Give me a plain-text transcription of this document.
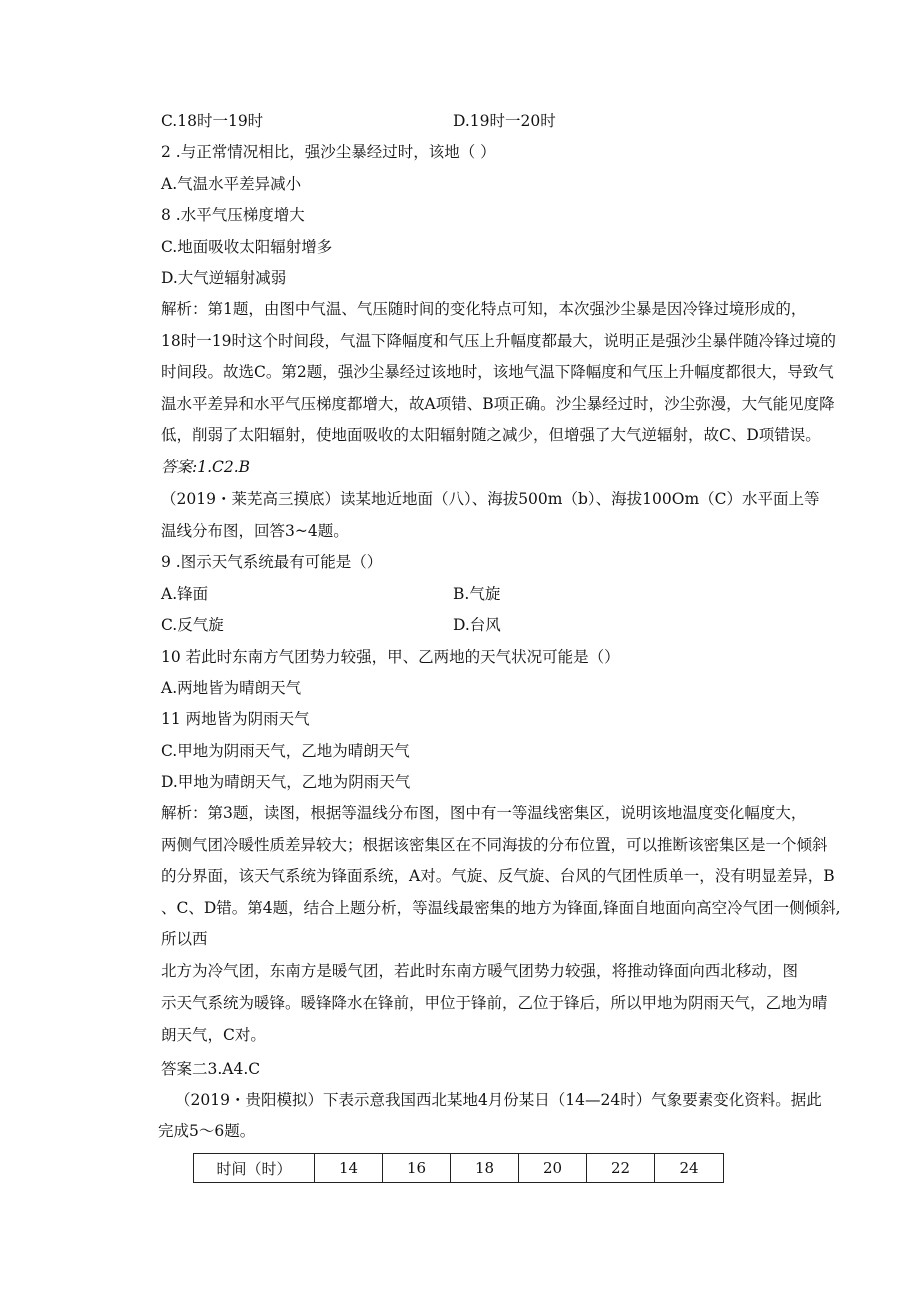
C.18时一19时	D.19时一20时
2 .与正常情况相比，强沙尘暴经过时，该地（ ）
A.气温水平差异减小
8 .水平气压梯度增大
C.地面吸收太阳辐射增多
D.大气逆辐射减弱
解析：第1题，由图中气温、气压随时间的变化特点可知，本次强沙尘暴是因冷锋过境形成的，
18时一19时这个时间段，气温下降幅度和气压上升幅度都最大，说明正是强沙尘暴伴随冷锋过境的
时间段。故选C。第2题，强沙尘暴经过该地时，该地气温下降幅度和气压上升幅度都很大，导致气
温水平差异和水平气压梯度都增大，故A项错、B项正确。沙尘暴经过时，沙尘弥漫，大气能见度降
低，削弱了太阳辐射，使地面吸收的太阳辐射随之减少，但增强了大气逆辐射，故C、D项错误。
答案:1.C2.B
（2019・莱芜高三摸底）读某地近地面（八）、海拔500m（b）、海拔100Om（C）水平面上等
温线分布图，回答3~4题。
9 .图示天气系统最有可能是（）
A.锋面	B.气旋
C.反气旋	D.台风
10 若此时东南方气团势力较强，甲、乙两地的天气状况可能是（）
A.两地皆为晴朗天气
11 两地皆为阴雨天气
C.甲地为阴雨天气，乙地为晴朗天气
D.甲地为晴朗天气，乙地为阴雨天气
解析：第3题，读图，根据等温线分布图，图中有一等温线密集区，说明该地温度变化幅度大，
两侧气团冷暖性质差异较大；根据该密集区在不同海拔的分布位置，可以推断该密集区是一个倾斜
的分界面，该天气系统为锋面系统，A对。气旋、反气旋、台风的气团性质单一，没有明显差异，B
、C、D错。第4题，结合上题分析，等温线最密集的地方为锋面,锋面自地面向高空冷气团一侧倾斜,
所以西
北方为冷气团，东南方是暖气团，若此时东南方暖气团势力较强，将推动锋面向西北移动，图
示天气系统为暖锋。暖锋降水在锋前，甲位于锋前，乙位于锋后，所以甲地为阴雨天气，乙地为晴
朗天气，C对。
答案二3.A4.C
（2019・贵阳模拟）下表示意我国西北某地4月份某日（14—24时）气象要素变化资料。据此
完成5～6题。
时间（时）	14	16	18	20	22	24
